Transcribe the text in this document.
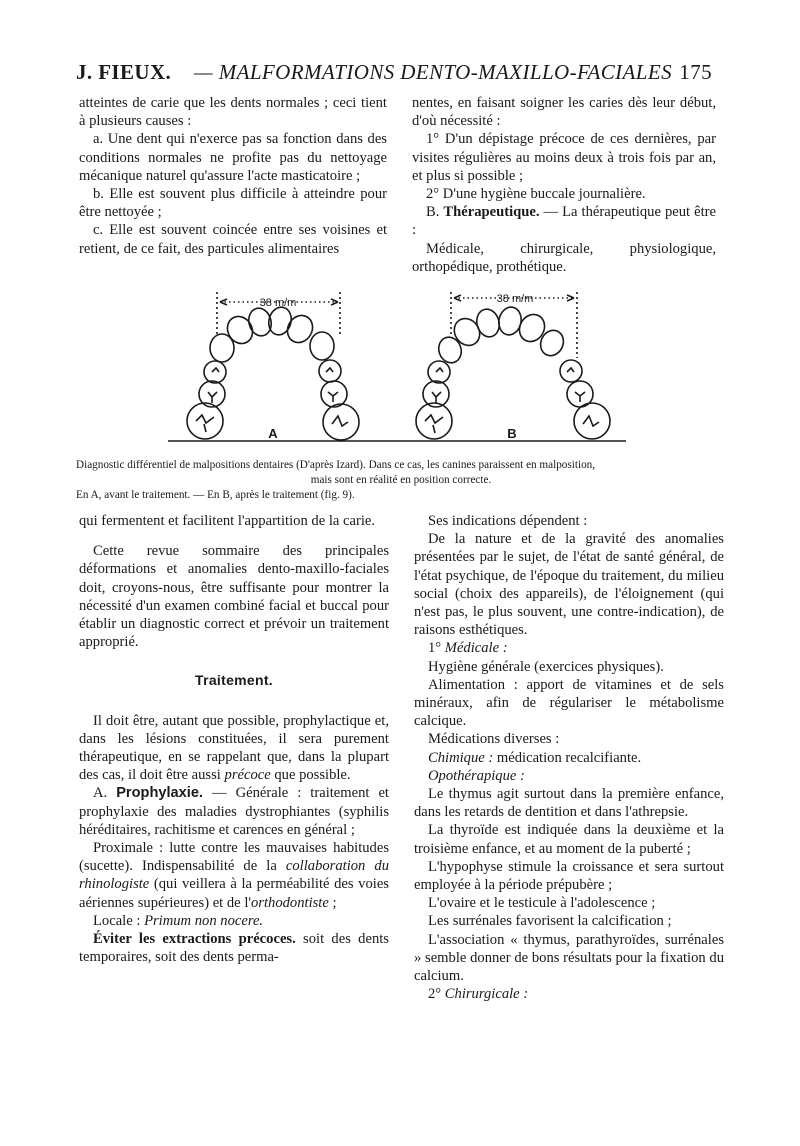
J. FIEUX. — MALFORMATIONS DENTO-MAXILLO-FACIALES 175

atteintes de carie que les dents normales ; ceci tient à plusieurs causes :

a. Une dent qui n'exerce pas sa fonction dans des conditions normales ne profite pas du nettoyage mécanique naturel qu'assure l'acte masticatoire ;

b. Elle est souvent plus difficile à atteindre pour être nettoyée ;

c. Elle est souvent coincée entre ses voisines et retient, de ce fait, des particules alimentaires

nentes, en faisant soigner les caries dès leur début, d'où nécessité :

1° D'un dépistage précoce de ces dernières, par visites régulières au moins deux à trois fois par an, et plus si possible ;

2° D'une hygiène buccale journalière.

B. Thérapeutique. — La thérapeutique peut être :

Médicale, chirurgicale, physiologique, orthopédique, prothétique.

38 m/m	38 m/m
A	B

Diagnostic différentiel de malpositions dentaires (D'après Izard). Dans ce cas, les canines paraissent en malposition,

mais sont en réalité en position correcte.

En A, avant le traitement. — En B, après le traitement (fig. 9).

qui fermentent et facilitent l'appartition de la carie.

Cette revue sommaire des principales déformations et anomalies dento-maxillo-faciales doit, croyons-nous, être suffisante pour montrer la nécessité d'un examen combiné facial et buccal pour établir un diagnostic correct et prévoir un traitement approprié.

Traitement.

Il doit être, autant que possible, prophylactique et, dans les lésions constituées, il sera purement thérapeutique, en se rappelant que, dans la plupart des cas, il doit être aussi précoce que possible.

A. Prophylaxie. — Générale : traitement et prophylaxie des maladies dystrophiantes (syphilis héréditaires, rachitisme et carences en général ;

Proximale : lutte contre les mauvaises habitudes (sucette). Indispensabilité de la collaboration du rhinologiste (qui veillera à la perméabilité des voies aériennes supérieures) et de l'orthodontiste ;

Locale : Primum non nocere.

Éviter les extractions précoces. soit des dents temporaires, soit des dents perma-

Ses indications dépendent :

De la nature et de la gravité des anomalies présentées par le sujet, de l'état de santé général, de l'état psychique, de l'époque du traitement, du milieu social (choix des appareils), de l'éloignement (qui n'est pas, le plus souvent, une contre-indication), de raisons esthétiques.

1° Médicale :

Hygiène générale (exercices physiques).

Alimentation : apport de vitamines et de sels minéraux, afin de régulariser le métabolisme calcique.

Médications diverses :

Chimique : médication recalcifiante.

Opothérapique :

Le thymus agit surtout dans la première enfance, dans les retards de dentition et dans l'athrepsie.

La thyroïde est indiquée dans la deuxième et la troisième enfance, et au moment de la puberté ;

L'hypophyse stimule la croissance et sera surtout employée à la période prépubère ;

L'ovaire et le testicule à l'adolescence ;

Les surrénales favorisent la calcification ;

L'association « thymus, parathyroïdes, surrénales » semble donner de bons résultats pour la fixation du calcium.

2° Chirurgicale :
